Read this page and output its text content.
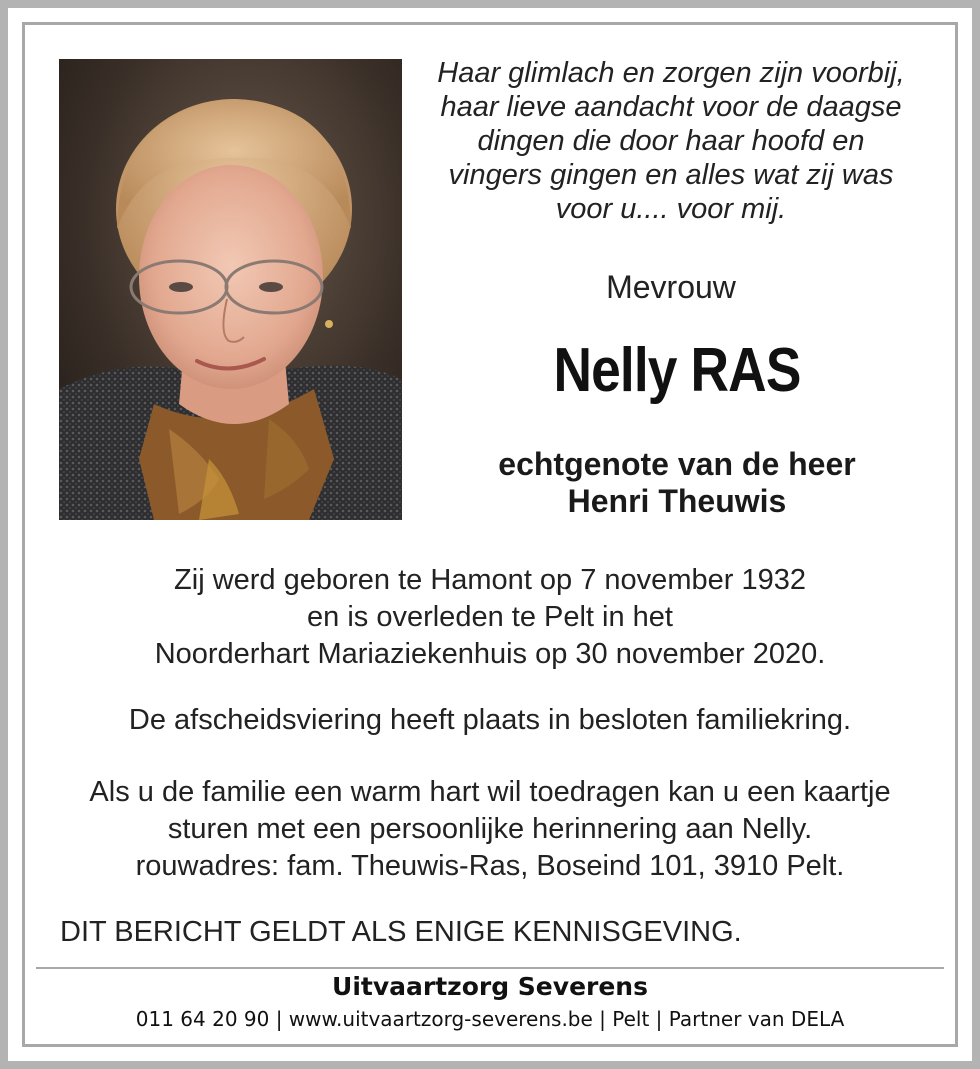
Haar glimlach en zorgen zijn voorbij,
haar lieve aandacht voor de daagse
dingen die door haar hoofd en
vingers gingen en alles wat zij was
voor u.... voor mij.
Mevrouw
Nelly RAS
echtgenote van de heer
Henri Theuwis
Zij werd geboren te Hamont op 7 november 1932
en is overleden te Pelt in het
Noorderhart Mariaziekenhuis op 30 november 2020.
De afscheidsviering heeft plaats in besloten familiekring.
Als u de familie een warm hart wil toedragen kan u een kaartje
sturen met een persoonlijke herinnering aan Nelly.
rouwadres: fam. Theuwis-Ras, Boseind 101, 3910 Pelt.
DIT BERICHT GELDT ALS ENIGE KENNISGEVING.
Uitvaartzorg Severens
011 64 20 90 | www.uitvaartzorg-severens.be | Pelt | Partner van DELA
